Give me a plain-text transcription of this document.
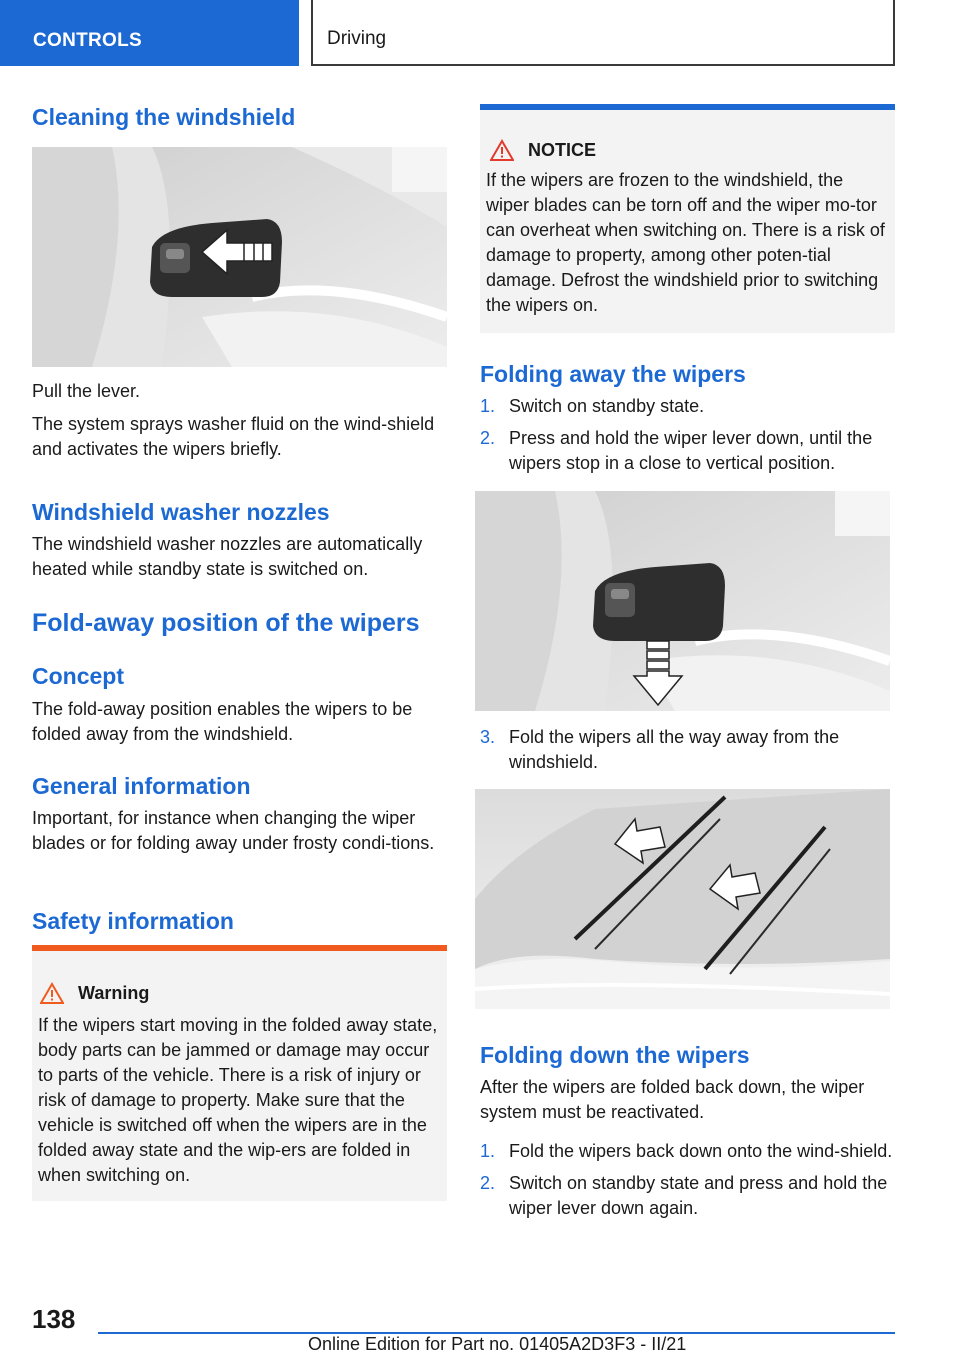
CONTROLS	Driving
Cleaning the windshield

Pull the lever.

The system sprays washer fluid on the wind-shield and activates the wipers briefly.

Windshield washer nozzles

The windshield washer nozzles are automatically heated while standby state is switched on.

Fold-away position of the wipers
Concept

The fold-away position enables the wipers to be folded away from the windshield.

General information

Important, for instance when changing the wiper blades or for folding away under frosty condi-tions.

Safety information
Warning

If the wipers start moving in the folded away state, body parts can be jammed or damage may occur to parts of the vehicle. There is a risk of injury or risk of damage to property. Make sure that the vehicle is switched off when the wipers are in the folded away state and the wip-ers are folded in when switching on.

NOTICE

If the wipers are frozen to the windshield, the wiper blades can be torn off and the wiper mo-tor can overheat when switching on. There is a risk of damage to property, among other poten-tial damage. Defrost the windshield prior to switching the wipers on.

Folding away the wipers
1. Switch on standby state.
2. Press and hold the wiper lever down, until the wipers stop in a close to vertical position.
3. Fold the wipers all the way away from the windshield.
Folding down the wipers

After the wipers are folded back down, the wiper system must be reactivated.

1. Fold the wipers back down onto the wind-shield.
2. Switch on standby state and press and hold the wiper lever down again.
138
Online Edition for Part no. 01405A2D3F3 - II/21
